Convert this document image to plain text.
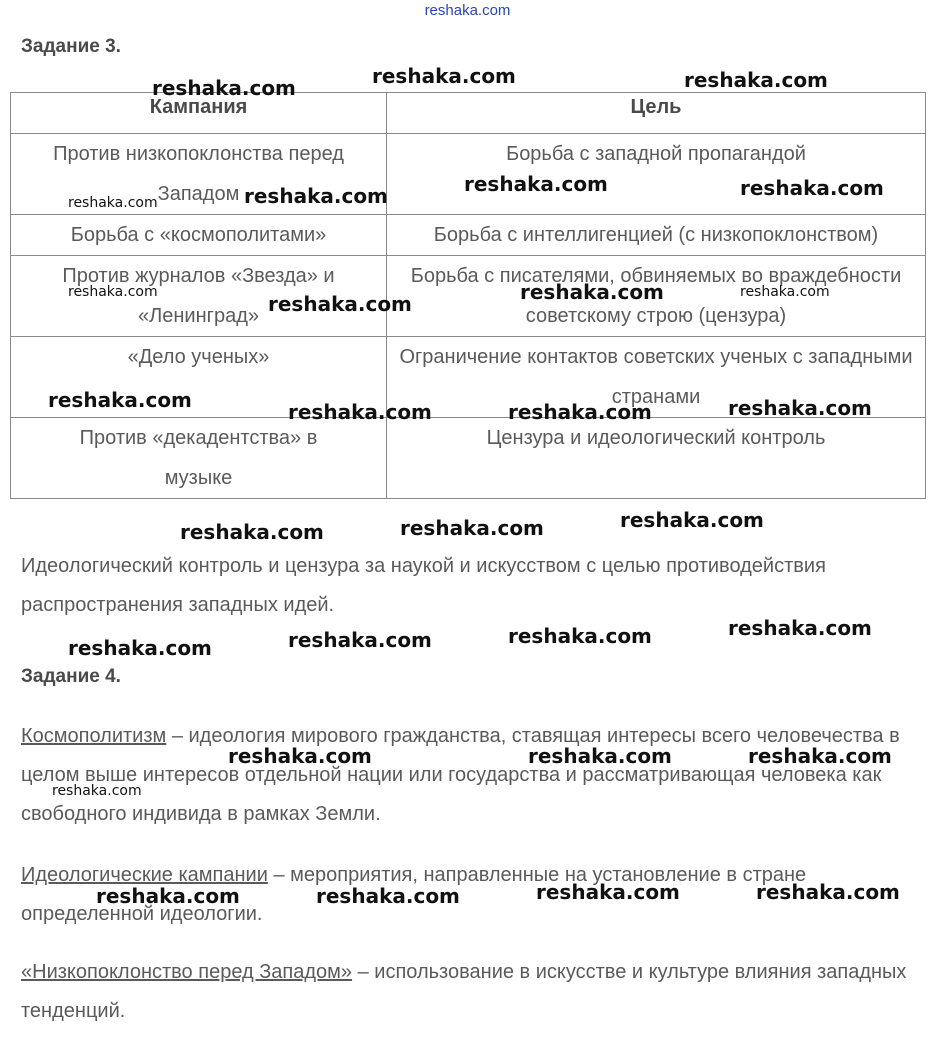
reshaka.com
Задание 3.
Кампания	Цель
Против низкопоклонства перед Западом	Борьба с западной пропагандой
Борьба с «космополитами»	Борьба с интеллигенцией (с низкопоклонством)
Против журналов «Звезда» и «Ленинград»	Борьба с писателями, обвиняемых во враждебности советскому строю (цензура)
«Дело ученых»	Ограничение контактов советских ученых с западными странами
Против «декадентства» в музыке	Цензура и идеологический контроль
Идеологический контроль и цензура за наукой и искусством с целью противодействия распространения западных идей.
Задание 4.
Космополитизм – идеология мирового гражданства, ставящая интересы всего человечества в целом выше интересов отдельной нации или государства и рассматривающая человека как свободного индивида в рамках Земли.
Идеологические кампании – мероприятия, направленные на установление в стране определенной идеологии.
«Низкопоклонство перед Западом» – использование в искусстве и культуре влияния западных тенденций.
reshaka.com	reshaka.com	reshaka.com
reshaka.com	reshaka.com	reshaka.com	reshaka.com
reshaka.com	reshaka.com	reshaka.com	reshaka.com
reshaka.com	reshaka.com	reshaka.com	reshaka.com
reshaka.com	reshaka.com	reshaka.com
reshaka.com	reshaka.com	reshaka.com	reshaka.com
reshaka.com	reshaka.com	reshaka.com
reshaka.com
reshaka.com	reshaka.com	reshaka.com	reshaka.com
